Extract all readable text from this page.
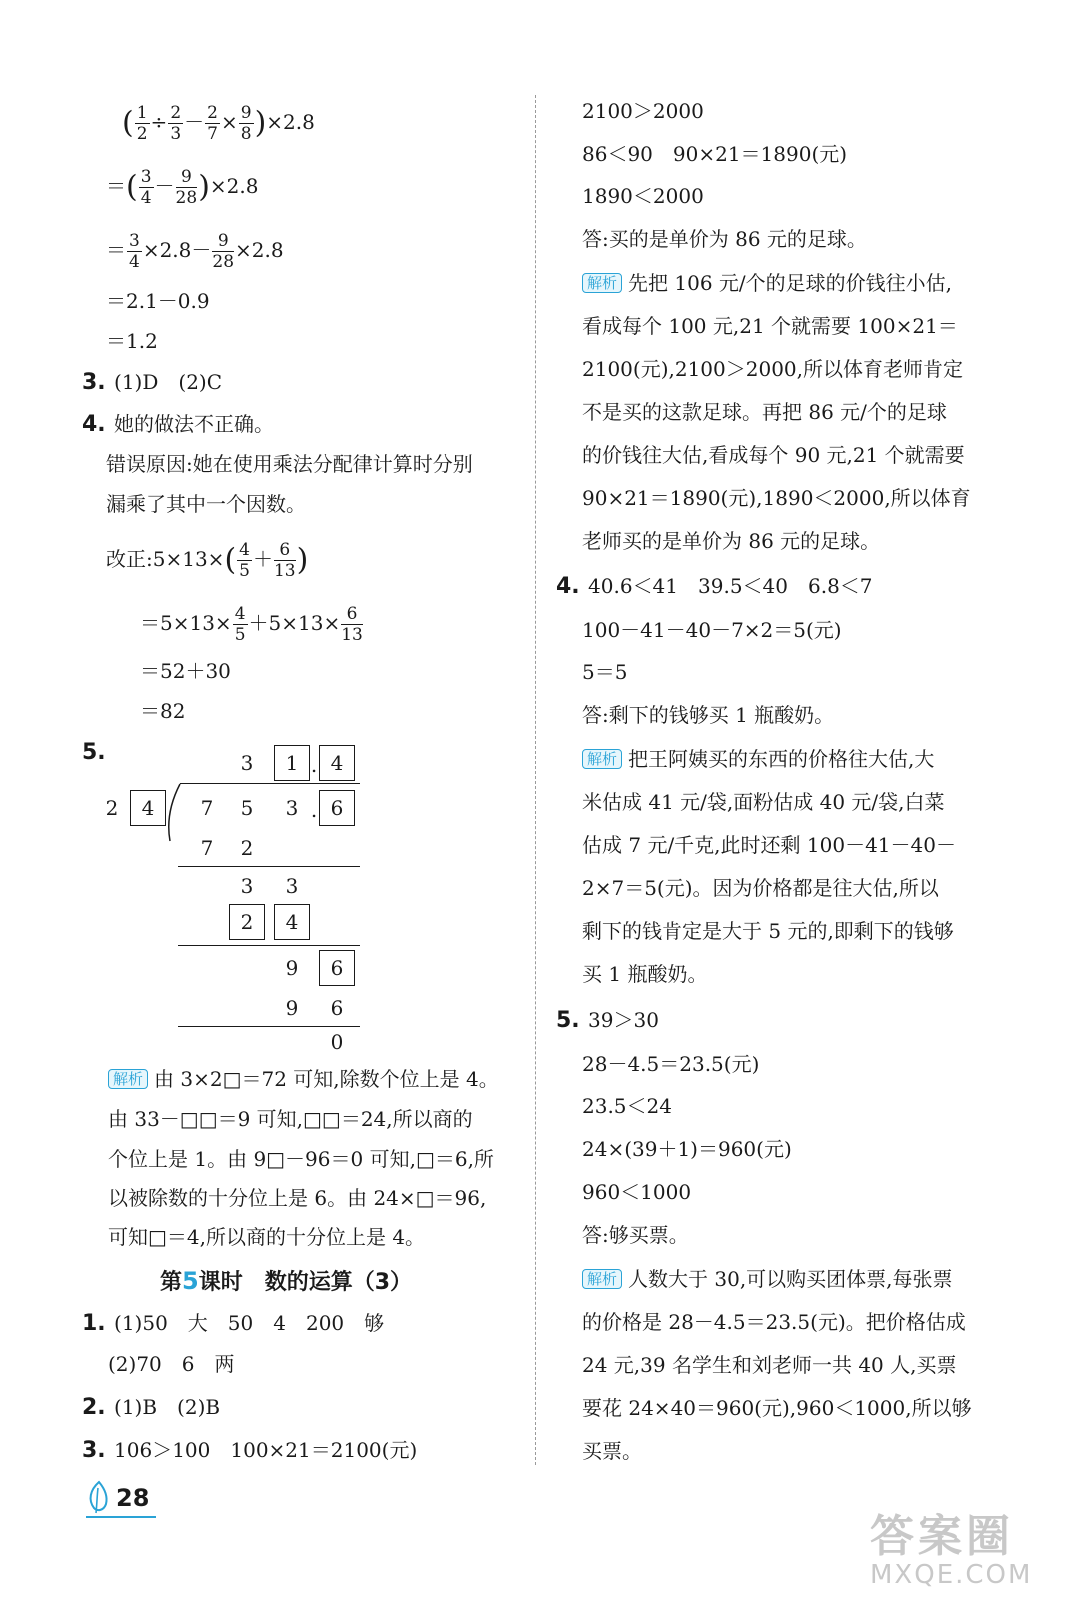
( $\frac{1}{2} \div \frac{2}{3} - \frac{2}{7} \times \frac{9}{8} )\times 2.8$
＝( $\frac{3}{4} - \frac{9}{28} )\times 2.8$
＝ $\frac{3}{4} \times 2.8- \frac{9}{28} \times 2.8$
＝2.1－0.9
＝1.2
3. (1)D　(2)C
4. 她的做法不正确。
错误原因:她在使用乘法分配律计算时分别
漏乘了其中一个因数。
改正:5×13×( $\frac{4}{5} + \frac{6}{13}$ )
$=5\times 13\times \frac{4}{5} +5\times 13\times \frac{6}{13}$
＝52＋30
＝82
5.	3	1 . 4
2	4	7	5	3 . 6
7	2
3	3
2	4
9	6
9	6
0
解析 由 3×2□＝72 可知,除数个位上是 4。
由 33－□□＝9 可知,□□＝24,所以商的
个位上是 1。由 9□－96＝0 可知,□＝6,所
以被除数的十分位上是 6。由 24×□＝96,
可知□＝4,所以商的十分位上是 4。
第5课时　数的运算（3）
1. (1)50　大　50　4　200　够
(2)70　6　两
2. (1)B　(2)B
3. 106＞100　100×21＝2100(元)
2100＞2000
86＜90　90×21＝1890(元)
1890＜2000
答:买的是单价为 86 元的足球。
解析 先把 106 元/个的足球的价钱往小估,
看成每个 100 元,21 个就需要 100×21＝
2100(元),2100＞2000,所以体育老师肯定
不是买的这款足球。再把 86 元/个的足球
的价钱往大估,看成每个 90 元,21 个就需要
90×21＝1890(元),1890＜2000,所以体育
老师买的是单价为 86 元的足球。
4. 40.6＜41　39.5＜40　6.8＜7
100－41－40－7×2＝5(元)
5＝5
答:剩下的钱够买 1 瓶酸奶。
解析 把王阿姨买的东西的价格往大估,大
米估成 41 元/袋,面粉估成 40 元/袋,白菜
估成 7 元/千克,此时还剩 100－41－40－
2×7＝5(元)。因为价格都是往大估,所以
剩下的钱肯定是大于 5 元的,即剩下的钱够
买 1 瓶酸奶。
5. 39＞30
28－4.5＝23.5(元)
23.5＜24
24×(39＋1)＝960(元)
960＜1000
答:够买票。
解析 人数大于 30,可以购买团体票,每张票
的价格是 28－4.5＝23.5(元)。把价格估成
24 元,39 名学生和刘老师一共 40 人,买票
要花 24×40＝960(元),960＜1000,所以够
买票。
28
答案圈
MXQE.COM
